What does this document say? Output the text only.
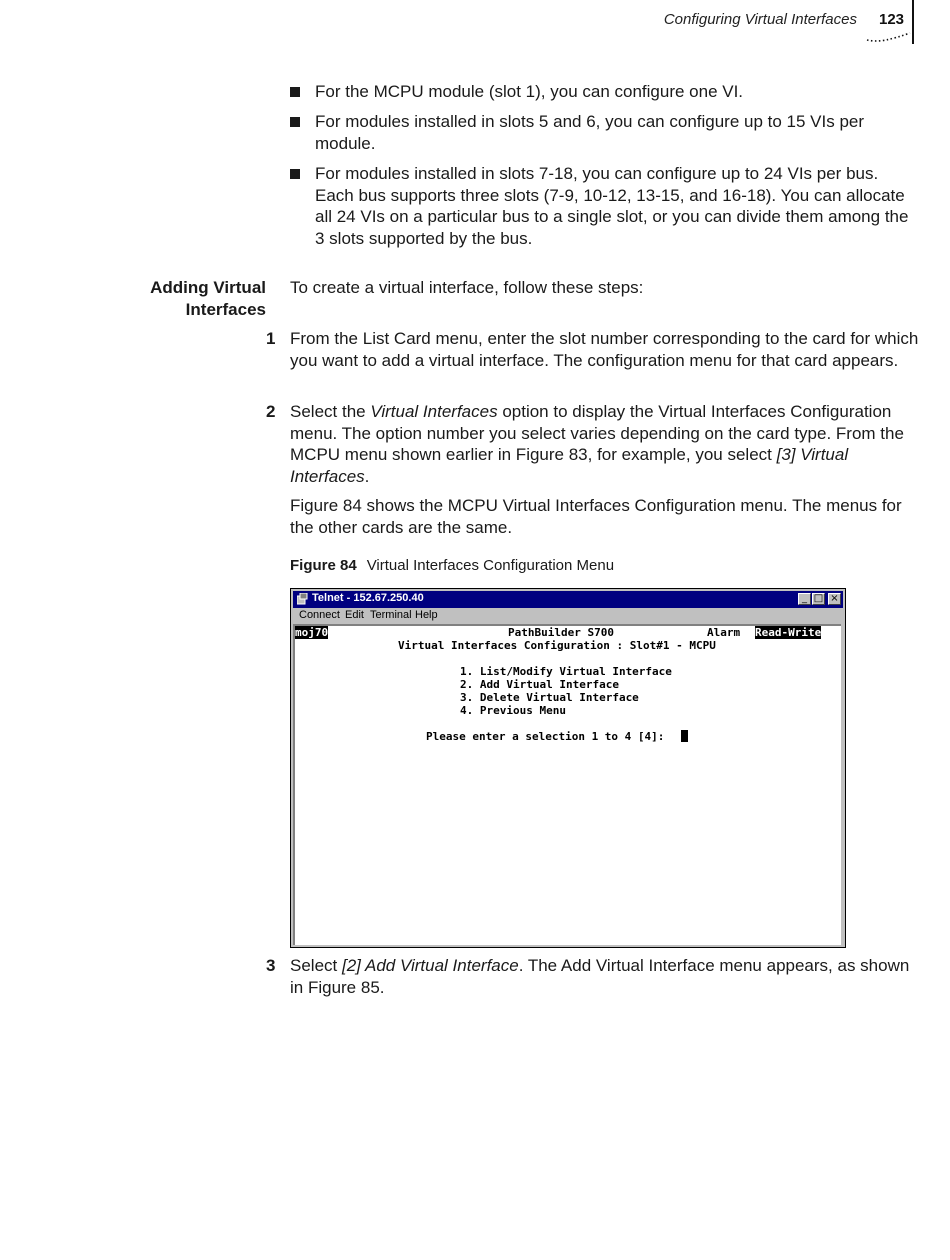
Configuring Virtual Interfaces 123
For the MCPU module (slot 1), you can configure one VI.
For modules installed in slots 5 and 6, you can configure up to 15 VIs per module.
For modules installed in slots 7-18, you can configure up to 24 VIs per bus. Each bus supports three slots (7-9, 10-12, 13-15, and 16-18). You can allocate all 24 VIs on a particular bus to a single slot, or you can divide them among the 3 slots supported by the bus.
Adding Virtual
Interfaces
To create a virtual interface, follow these steps:
1 From the List Card menu, enter the slot number corresponding to the card for which you want to add a virtual interface. The configuration menu for that card appears.
2 Select the Virtual Interfaces option to display the Virtual Interfaces Configuration menu. The option number you select varies depending on the card type. From the MCPU menu shown earlier in Figure 83, for example, you select [3] Virtual Interfaces.
Figure 84 shows the MCPU Virtual Interfaces Configuration menu. The menus for the other cards are the same.
Figure 84 Virtual Interfaces Configuration Menu
Telnet - 152.67.250.40	_ □ ×
Connect Edit Terminal Help
moj70	PathBuilder S700	Alarm Read-Write
Virtual Interfaces Configuration : Slot#1 - MCPU
1. List/Modify Virtual Interface
2. Add Virtual Interface
3. Delete Virtual Interface
4. Previous Menu
Please enter a selection 1 to 4 [4]:
3 Select [2] Add Virtual Interface. The Add Virtual Interface menu appears, as shown in Figure 85.
